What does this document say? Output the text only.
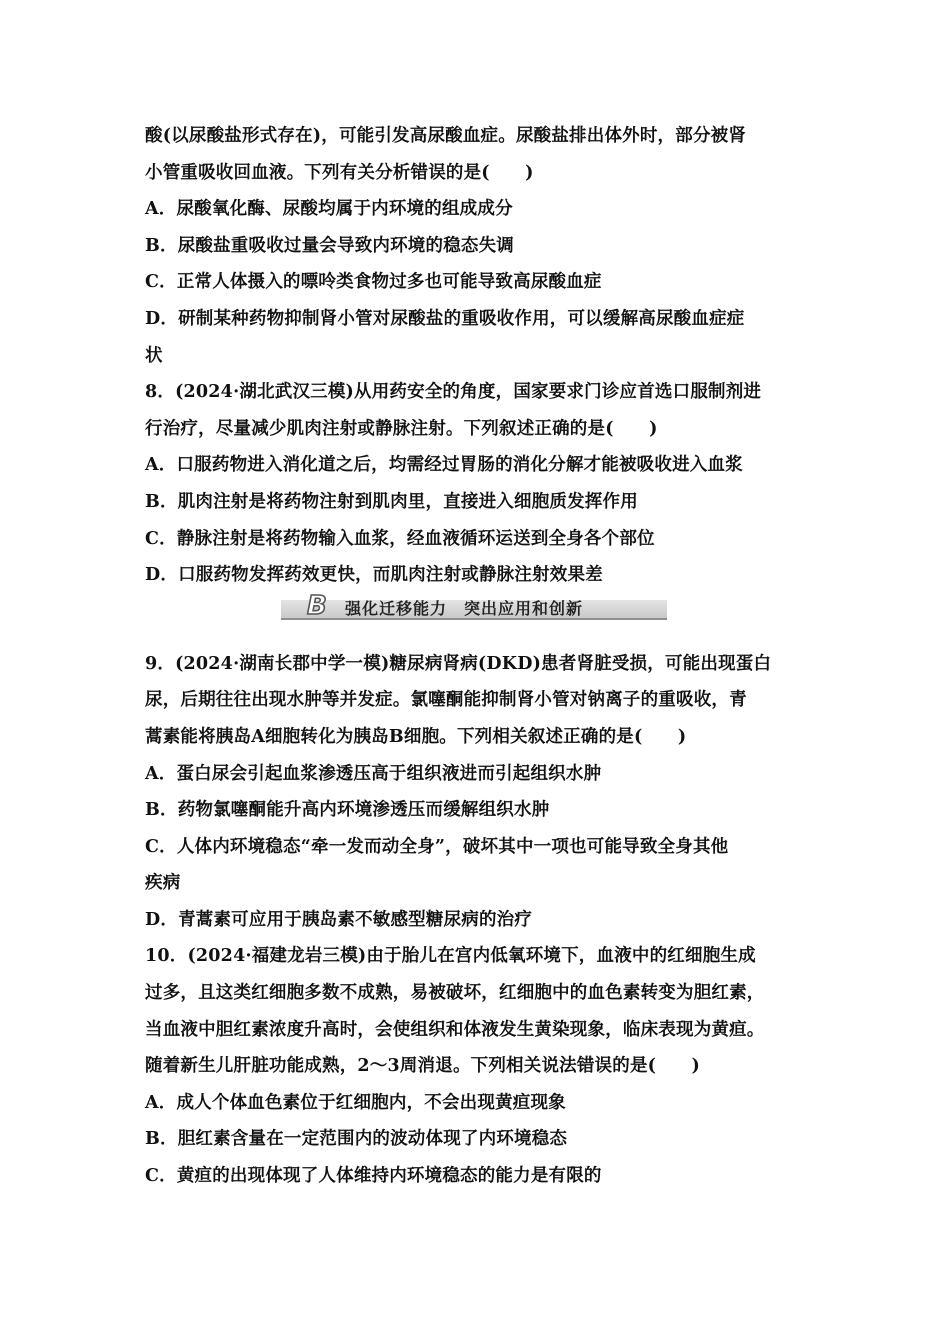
酸(以尿酸盐形式存在)，可能引发高尿酸血症。尿酸盐排出体外时，部分被肾
小管重吸收回血液。下列有关分析错误的是(　　)
A．尿酸氧化酶、尿酸均属于内环境的组成成分
B．尿酸盐重吸收过量会导致内环境的稳态失调
C．正常人体摄入的嘌呤类食物过多也可能导致高尿酸血症
D．研制某种药物抑制肾小管对尿酸盐的重吸收作用，可以缓解高尿酸血症症
状
8．(2024·湖北武汉三模)从用药安全的角度，国家要求门诊应首选口服制剂进
行治疗，尽量减少肌肉注射或静脉注射。下列叙述正确的是(　　)
A．口服药物进入消化道之后，均需经过胃肠的消化分解才能被吸收进入血浆
B．肌肉注射是将药物注射到肌肉里，直接进入细胞质发挥作用
C．静脉注射是将药物输入血浆，经血液循环运送到全身各个部位
D．口服药物发挥药效更快，而肌肉注射或静脉注射效果差
B 强化迁移能力　突出应用和创新
9．(2024·湖南长郡中学一模)糖尿病肾病(DKD)患者肾脏受损，可能出现蛋白
尿，后期往往出现水肿等并发症。氯噻酮能抑制肾小管对钠离子的重吸收，青
蒿素能将胰岛A细胞转化为胰岛B细胞。下列相关叙述正确的是(　　)
A．蛋白尿会引起血浆渗透压高于组织液进而引起组织水肿
B．药物氯噻酮能升高内环境渗透压而缓解组织水肿
C．人体内环境稳态“牵一发而动全身”，破坏其中一项也可能导致全身其他
疾病
D．青蒿素可应用于胰岛素不敏感型糖尿病的治疗
10．(2024·福建龙岩三模)由于胎儿在宫内低氧环境下，血液中的红细胞生成
过多，且这类红细胞多数不成熟，易被破坏，红细胞中的血色素转变为胆红素，
当血液中胆红素浓度升高时，会使组织和体液发生黄染现象，临床表现为黄疸。
随着新生儿肝脏功能成熟，2～3周消退。下列相关说法错误的是(　　)
A．成人个体血色素位于红细胞内，不会出现黄疸现象
B．胆红素含量在一定范围内的波动体现了内环境稳态
C．黄疸的出现体现了人体维持内环境稳态的能力是有限的
